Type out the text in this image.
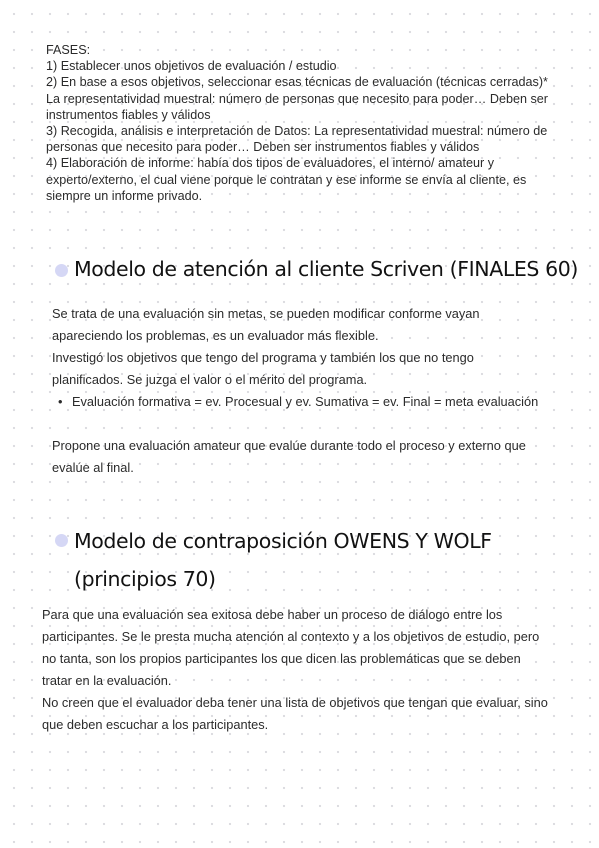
FASES:

1) Establecer unos objetivos de evaluación / estudio

2) En base a esos objetivos, seleccionar esas técnicas de evaluación (técnicas cerradas)* La representatividad muestral: número de personas que necesito para poder… Deben ser instrumentos fiables y válidos

3) Recogida, análisis e interpretación de Datos: La representatividad muestral: número de personas que necesito para poder… Deben ser instrumentos fiables y válidos

4) Elaboración de informe: había dos tipos de evaluadores, el interno/ amateur y experto/externo, el cual viene porque le contratan y ese informe se envía al cliente, es siempre un informe privado.

Modelo de atención al cliente Scriven (FINALES 60)

Se trata de una evaluación sin metas, se pueden modificar conforme vayan apareciendo los problemas, es un evaluador más flexible.

Investigó los objetivos que tengo del programa y también los que no tengo planificados. Se juzga el valor o el mérito del programa.

• Evaluación formativa = ev. Procesual y ev. Sumativa = ev. Final = meta evaluación

Propone una evaluación amateur que evalúe durante todo el proceso y externo que evalúe al final.

Modelo de contraposición OWENS Y WOLF (principios 70)

Para que una evaluación sea exitosa debe haber un proceso de diálogo entre los participantes. Se le presta mucha atención al contexto y a los objetivos de estudio, pero no tanta, son los propios participantes los que dicen las problemáticas que se deben tratar en la evaluación.

No creen que el evaluador deba tener una lista de objetivos que tengan que evaluar, sino que deben escuchar a los participantes.
